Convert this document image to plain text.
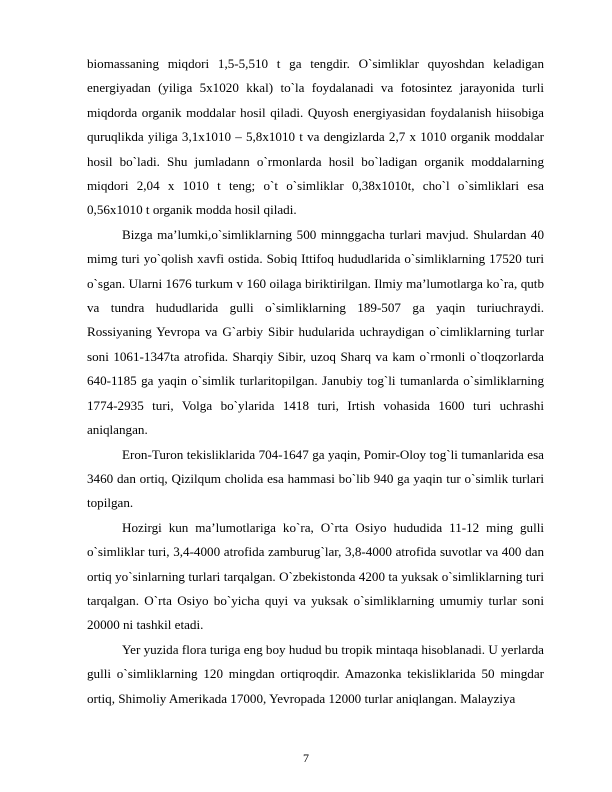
biomassaning miqdori 1,5-5,510 t ga tengdir. O`simliklar quyoshdan keladigan energiyadan (yiliga 5x1020 kkal) to`la foydalanadi va fotosintez jarayonida turli miqdorda organik moddalar hosil qiladi. Quyosh energiyasidan foydalanish hiisobiga quruqlikda yiliga 3,1x1010 – 5,8x1010 t va dengizlarda 2,7 x 1010 organik moddalar hosil bo`ladi. Shu jumladann o`rmonlarda hosil bo`ladigan organik moddalarning miqdori 2,04 x 1010 t teng; o`t o`simliklar 0,38x1010t, cho`l o`simliklari esa 0,56x1010 t organik modda hosil qiladi.

Bizga ma’lumki,o`simliklarning 500 minnggacha turlari mavjud. Shulardan 40 mimg turi yo`qolish xavfi ostida. Sobiq Ittifoq hududlarida o`simliklarning 17520 turi o`sgan. Ularni 1676 turkum v 160 oilaga biriktirilgan. Ilmiy ma’lumotlarga ko`ra, qutb va tundra hududlarida gulli o`simliklarning 189-507 ga yaqin turiuchraydi. Rossiyaning Yevropa va G`arbiy Sibir hudularida uchraydigan o`cimliklarning turlar soni 1061-1347ta atrofida. Sharqiy Sibir, uzoq Sharq va kam o`rmonli o`tloqzorlarda 640-1185 ga yaqin o`simlik turlaritopilgan. Janubiy tog`li tumanlarda o`simliklarning 1774-2935 turi, Volga bo`ylarida 1418 turi, Irtish vohasida 1600 turi uchrashi aniqlangan.

Eron-Turon tekisliklarida 704-1647 ga yaqin, Pomir-Oloy tog`li tumanlarida esa 3460 dan ortiq, Qizilqum cholida esa hammasi bo`lib 940 ga yaqin tur o`simlik turlari topilgan.

Hozirgi kun ma’lumotlariga ko`ra, O`rta Osiyo hududida 11-12 ming gulli o`simliklar turi, 3,4-4000 atrofida zamburug`lar, 3,8-4000 atrofida suvotlar va 400 dan ortiq yo`sinlarning turlari tarqalgan. O`zbekistonda 4200 ta yuksak o`simliklarning turi tarqalgan. O`rta Osiyo bo`yicha quyi va yuksak o`simliklarning umumiy turlar soni 20000 ni tashkil etadi.

Yer yuzida flora turiga eng boy hudud bu tropik mintaqa hisoblanadi. U yerlarda gulli o`simliklarning 120 mingdan ortiqroqdir. Amazonka tekisliklarida 50 mingdar ortiq, Shimoliy Amerikada 17000, Yevropada 12000 turlar aniqlangan. Malayziya

7
